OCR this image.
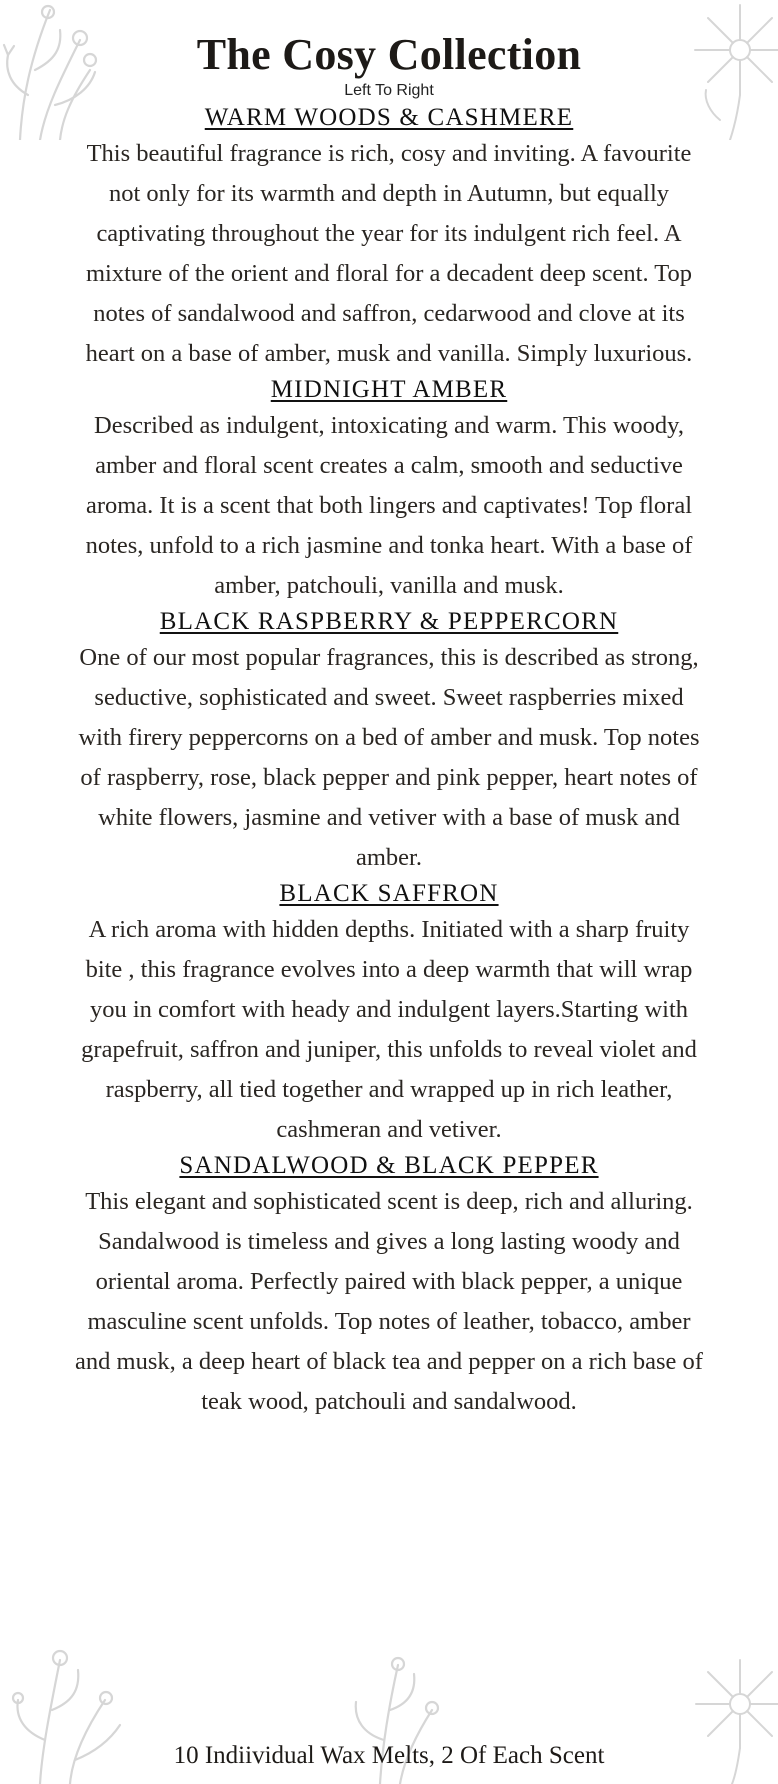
The Cosy Collection

Left To Right

WARM WOODS & CASHMERE

This beautiful fragrance is rich, cosy and inviting. A favourite not only for its warmth and depth in Autumn, but equally captivating throughout the year for its indulgent rich feel. A mixture of the orient and floral for a decadent deep scent. Top notes of sandalwood and saffron, cedarwood and clove at its heart on a base of amber, musk and vanilla. Simply luxurious.

MIDNIGHT AMBER

Described as indulgent, intoxicating and warm. This woody, amber and floral scent creates a calm, smooth and seductive aroma. It is a scent that both lingers and captivates! Top floral notes, unfold to a rich jasmine and tonka heart. With a base of amber, patchouli, vanilla and musk.

BLACK RASPBERRY & PEPPERCORN

One of our most popular fragrances, this is described as strong, seductive, sophisticated and sweet. Sweet raspberries mixed with firery peppercorns on a bed of amber and musk. Top notes of raspberry, rose, black pepper and pink pepper, heart notes of white flowers, jasmine and vetiver with a base of musk and amber.

BLACK SAFFRON

A rich aroma with hidden depths. Initiated with a sharp fruity bite , this fragrance evolves into a deep warmth that will wrap you in comfort with heady and indulgent layers.Starting with grapefruit, saffron and juniper, this unfolds to reveal violet and raspberry, all tied together and wrapped up in rich leather, cashmeran and vetiver.

SANDALWOOD & BLACK PEPPER

This elegant and sophisticated scent is deep, rich and alluring. Sandalwood is timeless and gives a long lasting woody and oriental aroma. Perfectly paired with black pepper, a unique masculine scent unfolds. Top notes of leather, tobacco, amber and musk, a deep heart of black tea and pepper on a rich base of teak wood, patchouli and sandalwood.

10 Indiividual Wax Melts, 2 Of Each Scent
